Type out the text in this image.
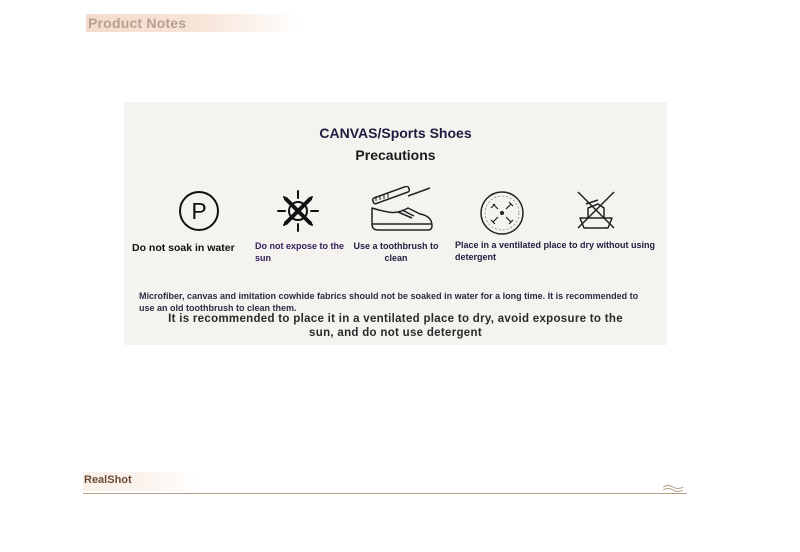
Product Notes
CANVAS/Sports Shoes
Precautions
P
Do not soak in water	Do not expose to the sun
Use a toothbrush to clean
Place in a ventilated place to dry without using detergent
Microfiber, canvas and imitation cowhide fabrics should not be soaked in water for a long time. It is recommended to use an old toothbrush to clean them.
It is recommended to place it in a ventilated place to dry, avoid exposure to the sun, and do not use detergent
RealShot
